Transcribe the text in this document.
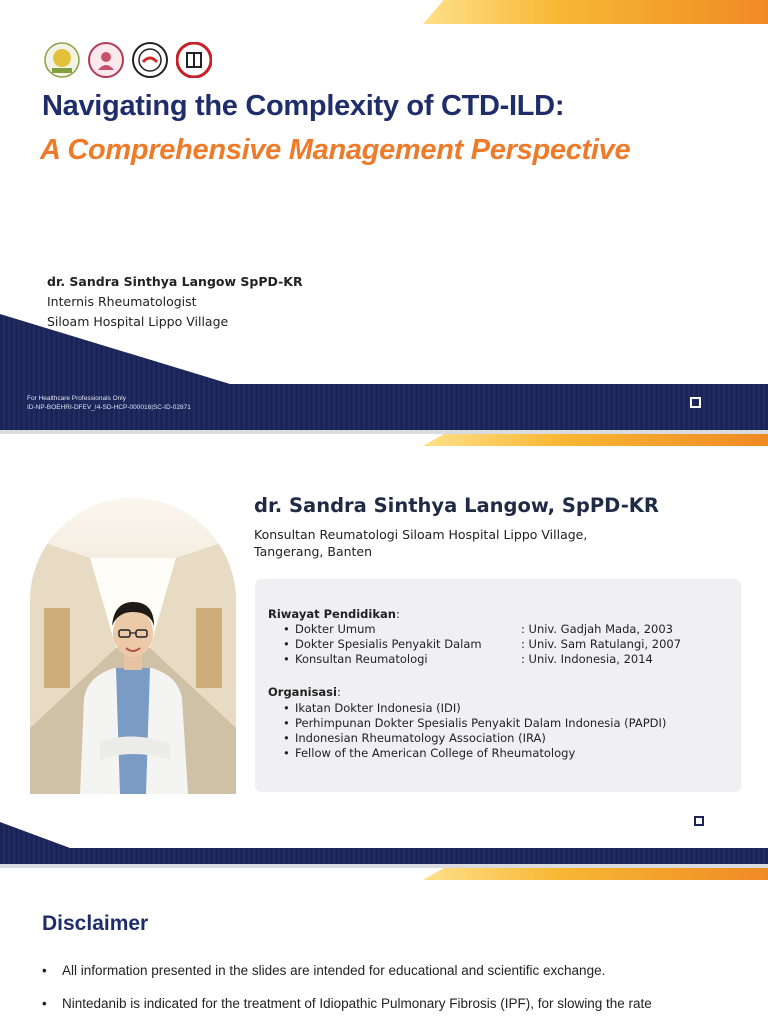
Navigating the Complexity of CTD-ILD:
A Comprehensive Management Perspective
dr. Sandra Sinthya Langow SpPD-KR
Internis Rheumatologist
Siloam Hospital Lippo Village
For Healthcare Professionals Only
ID-NP-BOEHRI-DFEV_I4-SD-HCP-000016|SC-ID-02871
dr. Sandra Sinthya Langow, SpPD-KR
Konsultan Reumatologi Siloam Hospital Lippo Village,
Tangerang, Banten
Riwayat Pendidikan:
• Dokter Umum	: Univ. Gadjah Mada, 2003
• Dokter Spesialis Penyakit Dalam	: Univ. Sam Ratulangi, 2007
• Konsultan Reumatologi	: Univ. Indonesia, 2014
Organisasi:
• Ikatan Dokter Indonesia (IDI)
• Perhimpunan Dokter Spesialis Penyakit Dalam Indonesia (PAPDI)
• Indonesian Rheumatology Association (IRA)
• Fellow of the American College of Rheumatology
Disclaimer
• All information presented in the slides are intended for educational and scientific exchange.
• Nintedanib is indicated for the treatment of Idiopathic Pulmonary Fibrosis (IPF), for slowing the rate
